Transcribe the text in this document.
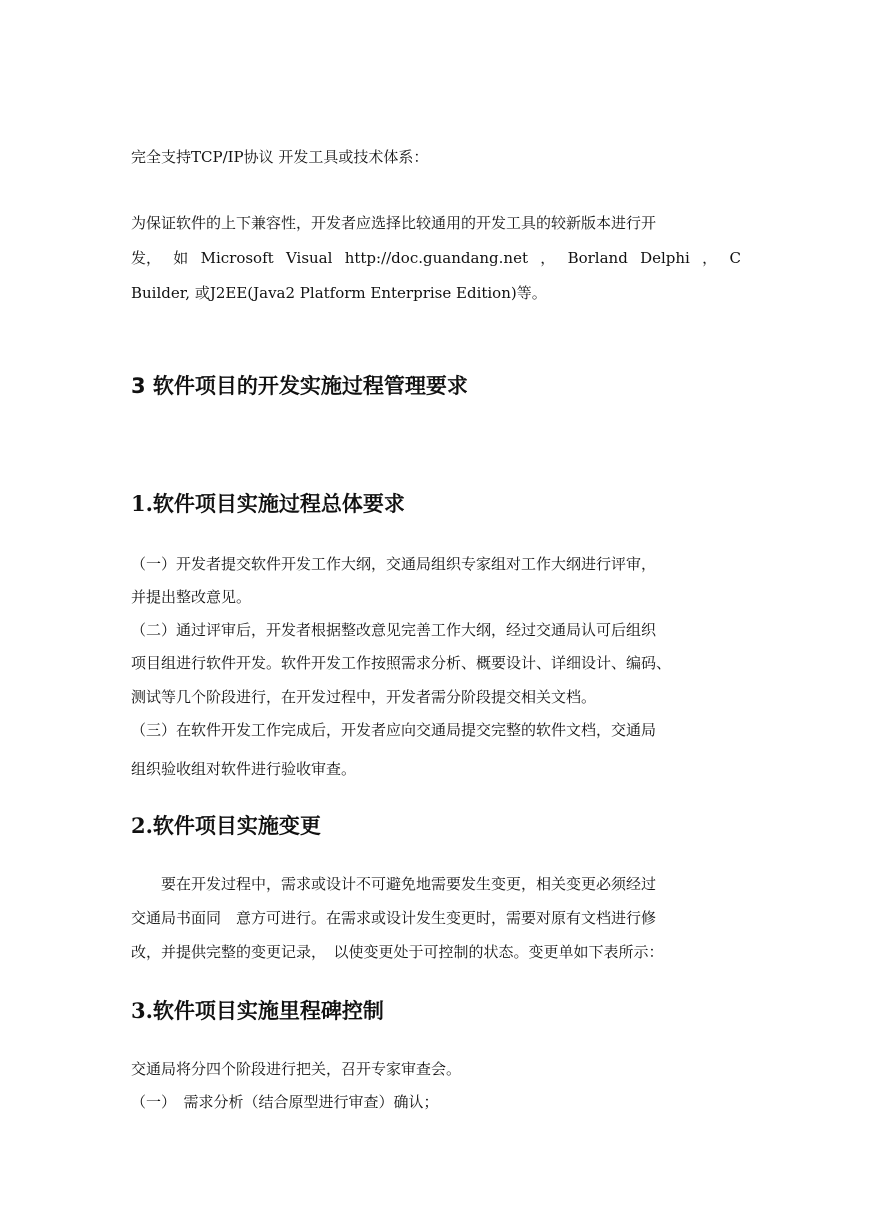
完全支持TCP/IP协议 开发工具或技术体系：

为保证软件的上下兼容性，开发者应选择比较通用的开发工具的较新版本进行开

发， 如 Microsoft Visual http://doc.guandang.net ， Borland Delphi ， C

Builder, 或J2EE(Java2 Platform Enterprise Edition)等。

3 软件项目的开发实施过程管理要求
1.软件项目实施过程总体要求

（一）开发者提交软件开发工作大纲，交通局组织专家组对工作大纲进行评审，

并提出整改意见。

（二）通过评审后，开发者根据整改意见完善工作大纲，经过交通局认可后组织

项目组进行软件开发。软件开发工作按照需求分析、概要设计、详细设计、编码、

测试等几个阶段进行，在开发过程中，开发者需分阶段提交相关文档。

（三）在软件开发工作完成后，开发者应向交通局提交完整的软件文档，交通局

组织验收组对软件进行验收审查。

2.软件项目实施变更

　　要在开发过程中，需求或设计不可避免地需要发生变更，相关变更必须经过

交通局书面同　意方可进行。在需求或设计发生变更时，需要对原有文档进行修

改，并提供完整的变更记录，　以使变更处于可控制的状态。变更单如下表所示：

3.软件项目实施里程碑控制

交通局将分四个阶段进行把关，召开专家审查会。

（一）　需求分析（结合原型进行审查）确认；
